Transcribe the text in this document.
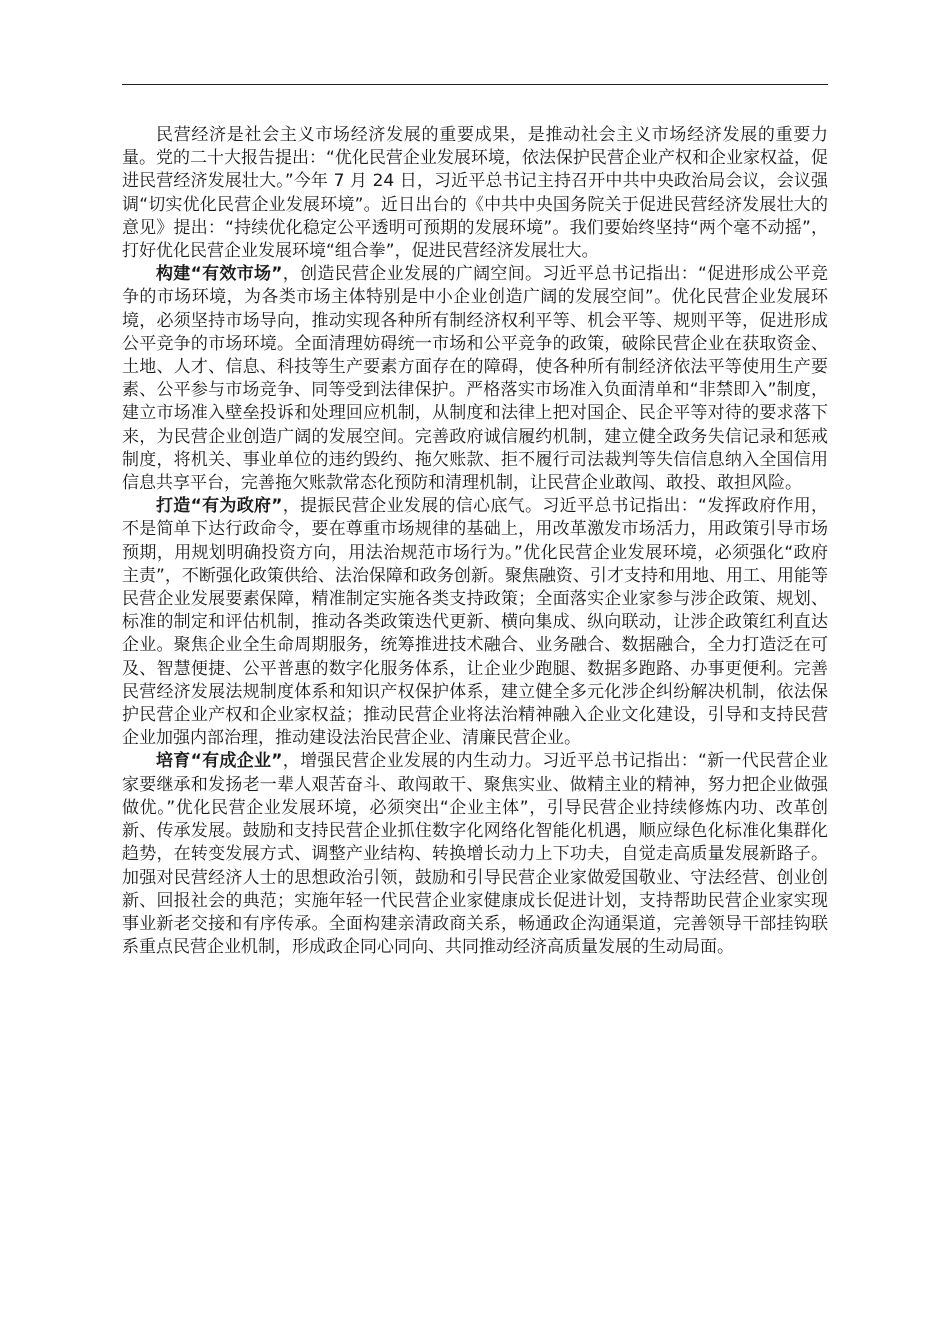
民营经济是社会主义市场经济发展的重要成果，是推动社会主义市场经济发展的重要力量。党的二十大报告提出：“优化民营企业发展环境，依法保护民营企业产权和企业家权益，促进民营经济发展壮大。”今年 7 月 24 日，习近平总书记主持召开中共中央政治局会议，会议强调“切实优化民营企业发展环境”。近日出台的《中共中央国务院关于促进民营经济发展壮大的意见》提出：“持续优化稳定公平透明可预期的发展环境”。我们要始终坚持“两个毫不动摇”，打好优化民营企业发展环境“组合拳”，促进民营经济发展壮大。

构建“有效市场”，创造民营企业发展的广阔空间。习近平总书记指出：“促进形成公平竞争的市场环境，为各类市场主体特别是中小企业创造广阔的发展空间”。优化民营企业发展环境，必须坚持市场导向，推动实现各种所有制经济权利平等、机会平等、规则平等，促进形成公平竞争的市场环境。全面清理妨碍统一市场和公平竞争的政策，破除民营企业在获取资金、土地、人才、信息、科技等生产要素方面存在的障碍，使各种所有制经济依法平等使用生产要素、公平参与市场竞争、同等受到法律保护。严格落实市场准入负面清单和“非禁即入”制度，建立市场准入壁垒投诉和处理回应机制，从制度和法律上把对国企、民企平等对待的要求落下来，为民营企业创造广阔的发展空间。完善政府诚信履约机制，建立健全政务失信记录和惩戒制度，将机关、事业单位的违约毁约、拖欠账款、拒不履行司法裁判等失信信息纳入全国信用信息共享平台，完善拖欠账款常态化预防和清理机制，让民营企业敢闯、敢投、敢担风险。

打造“有为政府”，提振民营企业发展的信心底气。习近平总书记指出：“发挥政府作用，不是简单下达行政命令，要在尊重市场规律的基础上，用改革激发市场活力，用政策引导市场预期，用规划明确投资方向，用法治规范市场行为。”优化民营企业发展环境，必须强化“政府主责”，不断强化政策供给、法治保障和政务创新。聚焦融资、引才支持和用地、用工、用能等民营企业发展要素保障，精准制定实施各类支持政策；全面落实企业家参与涉企政策、规划、标准的制定和评估机制，推动各类政策迭代更新、横向集成、纵向联动，让涉企政策红利直达企业。聚焦企业全生命周期服务，统筹推进技术融合、业务融合、数据融合，全力打造泛在可及、智慧便捷、公平普惠的数字化服务体系，让企业少跑腿、数据多跑路、办事更便利。完善民营经济发展法规制度体系和知识产权保护体系，建立健全多元化涉企纠纷解决机制，依法保护民营企业产权和企业家权益；推动民营企业将法治精神融入企业文化建设，引导和支持民营企业加强内部治理，推动建设法治民营企业、清廉民营企业。

培育“有成企业”，增强民营企业发展的内生动力。习近平总书记指出：“新一代民营企业家要继承和发扬老一辈人艰苦奋斗、敢闯敢干、聚焦实业、做精主业的精神，努力把企业做强做优。”优化民营企业发展环境，必须突出“企业主体”，引导民营企业持续修炼内功、改革创新、传承发展。鼓励和支持民营企业抓住数字化网络化智能化机遇，顺应绿色化标准化集群化趋势，在转变发展方式、调整产业结构、转换增长动力上下功夫，自觉走高质量发展新路子。加强对民营经济人士的思想政治引领，鼓励和引导民营企业家做爱国敬业、守法经营、创业创新、回报社会的典范；实施年轻一代民营企业家健康成长促进计划，支持帮助民营企业家实现事业新老交接和有序传承。全面构建亲清政商关系，畅通政企沟通渠道，完善领导干部挂钩联系重点民营企业机制，形成政企同心同向、共同推动经济高质量发展的生动局面。
